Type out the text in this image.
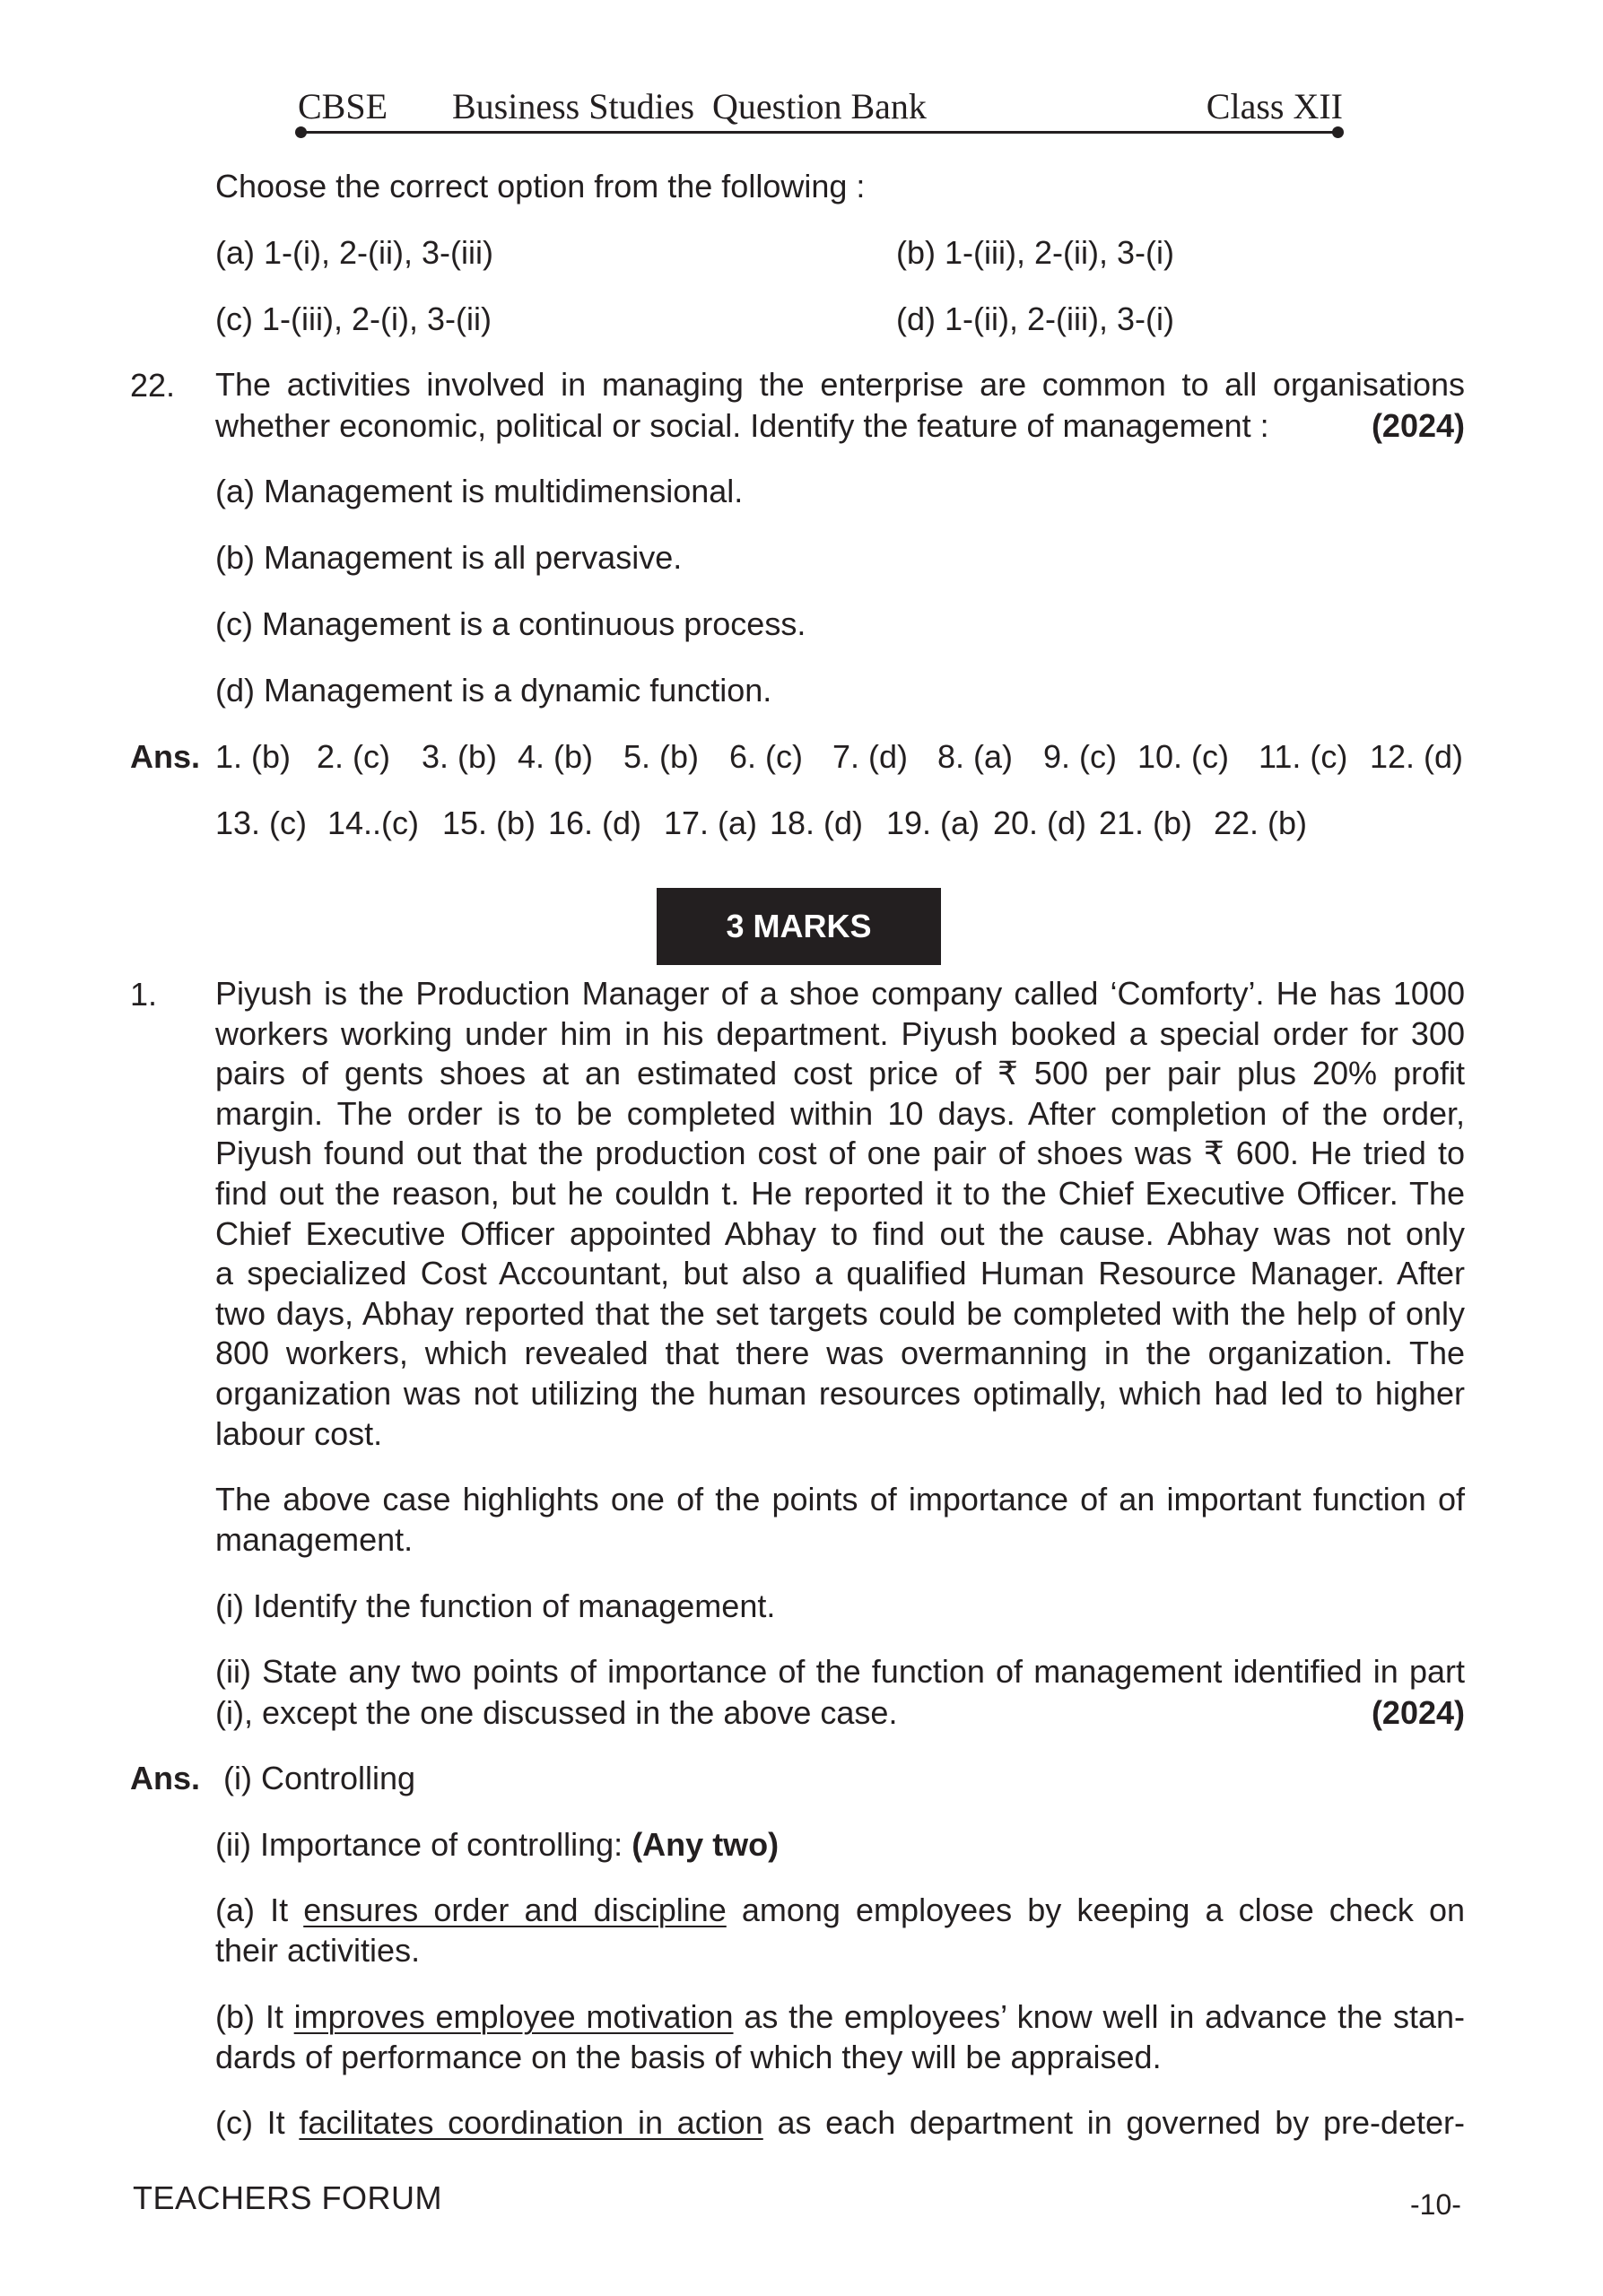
CBSE Business Studies  Question Bank	Class XII
Choose the correct option from the following :
(a) 1-(i), 2-(ii), 3-(iii)	(b) 1-(iii), 2-(ii), 3-(i)
(c) 1-(iii), 2-(i), 3-(ii)	(d) 1-(ii), 2-(iii), 3-(i)
22. The activities involved in managing the enterprise are common to all organisations
whether economic, political or social. Identify the feature of management :	(2024)
(a) Management is multidimensional.
(b) Management is all pervasive.
(c) Management is a continuous process.
(d) Management is a dynamic function.
Ans. 1. (b) 2. (c) 3. (b) 4. (b) 5. (b) 6. (c) 7. (d) 8. (a) 9. (c) 10. (c) 11. (c) 12. (d)
13. (c) 14..(c) 15. (b) 16. (d) 17. (a) 18. (d) 19. (a) 20. (d) 21. (b) 22. (b)
3 MARKS
1. Piyush is the Production Manager of a shoe company called ‘Comforty’. He has 1000
workers working under him in his department. Piyush booked a special order for 300
pairs of gents shoes at an estimated cost price of ₹ 500 per pair plus 20% profit
margin. The order is to be completed within 10 days. After completion of the order,
Piyush found out that the production cost of one pair of shoes was ₹ 600. He tried to
find out the reason, but he couldn t. He reported it to the Chief Executive Officer. The
Chief Executive Officer appointed Abhay to find out the cause. Abhay was not only
a specialized Cost Accountant, but also a qualified Human Resource Manager. After
two days, Abhay reported that the set targets could be completed with the help of only
800 workers, which revealed that there was overmanning in the organization. The
organization was not utilizing the human resources optimally, which had led to higher
labour cost.
The above case highlights one of the points of importance of an important function of
management.
(i) Identify the function of management.
(ii) State any two points of importance of the function of management identified in part
(i), except the one discussed in the above case.	(2024)
Ans. (i) Controlling
(ii) Importance of controlling: (Any two)
(a) It ensures order and discipline among employees by keeping a close check on
their activities.
(b) It improves employee motivation as the employees’ know well in advance the stan-
dards of performance on the basis of which they will be appraised.
(c) It facilitates coordination in action as each department in governed by pre-deter-
TEACHERS FORUM	-10-
